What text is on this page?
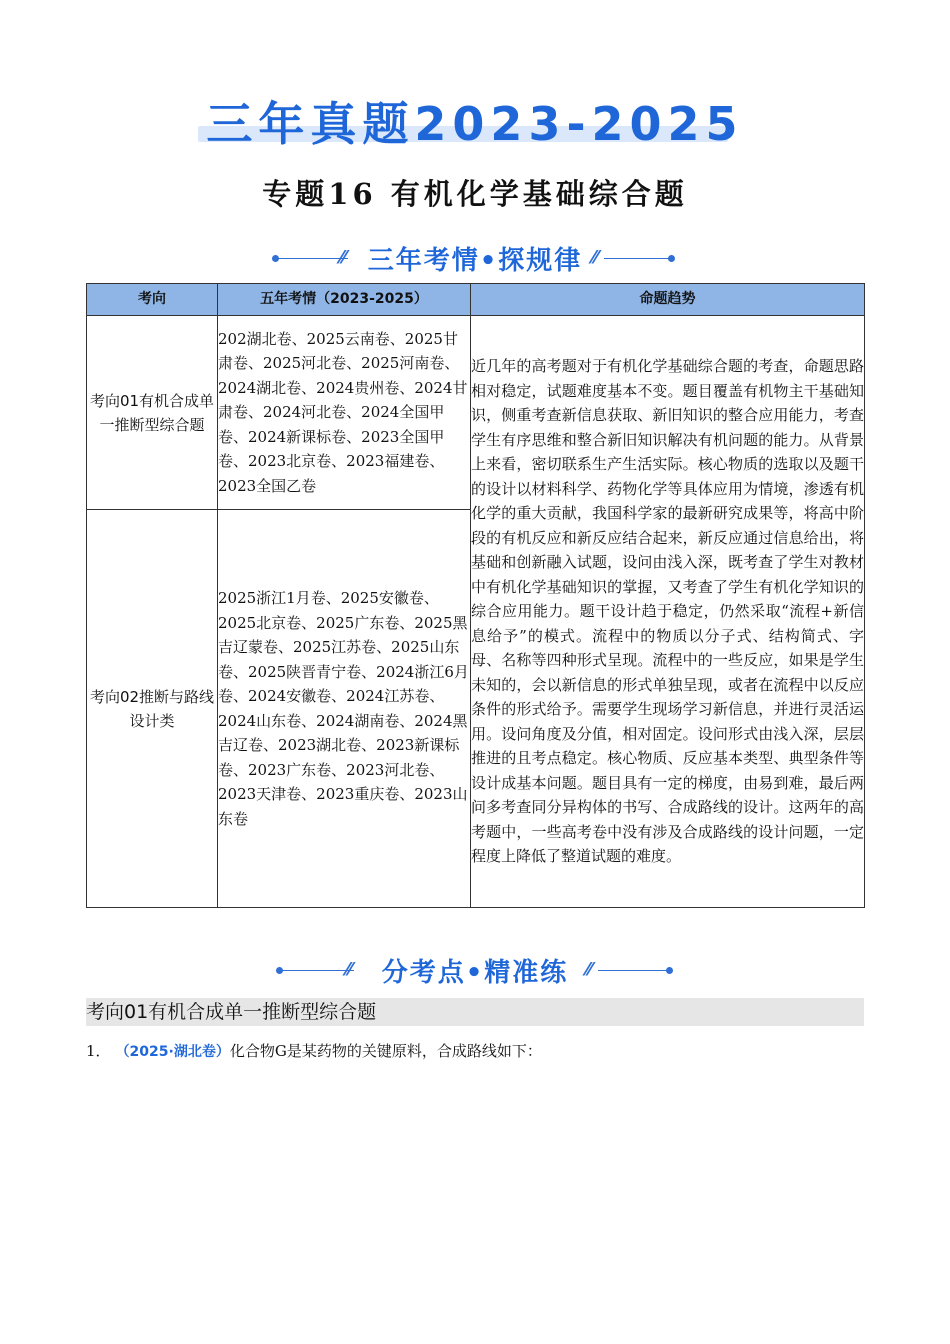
三年真题2023-2025
专题16 有机化学基础综合题
⁄⁄ 三年考情•探规律 ⁄⁄
考向	五年考情（2023-2025）	命题趋势
考向01有机合成单一推断型综合题	202湖北卷、2025云南卷、2025甘肃卷、2025河北卷、2025河南卷、2024湖北卷、2024贵州卷、2024甘肃卷、2024河北卷、2024全国甲卷、2024新课标卷、2023全国甲卷、2023北京卷、2023福建卷、2023全国乙卷	近几年的高考题对于有机化学基础综合题的考查，命题思路相对稳定，试题难度基本不变。题目覆盖有机物主干基础知识，侧重考查新信息获取、新旧知识的整合应用能力，考查学生有序思维和整合新旧知识解决有机问题的能力。从背景上来看，密切联系生产生活实际。核心物质的选取以及题干的设计以材料科学、药物化学等具体应用为情境，渗透有机化学的重大贡献，我国科学家的最新研究成果等，将高中阶段的有机反应和新反应结合起来，新反应通过信息给出，将基础和创新融入试题，设问由浅入深，既考查了学生对教材中有机化学基础知识的掌握，又考查了学生有机化学知识的综合应用能力。题干设计趋于稳定，仍然采取“流程+新信息给予”的模式。流程中的物质以分子式、结构简式、字母、名称等四种形式呈现。流程中的一些反应，如果是学生未知的，会以新信息的形式单独呈现，或者在流程中以反应条件的形式给予。需要学生现场学习新信息，并进行灵活运用。设问角度及分值，相对固定。设问形式由浅入深，层层推进的且考点稳定。核心物质、反应基本类型、典型条件等设计成基本问题。题目具有一定的梯度，由易到难，最后两问多考查同分异构体的书写、合成路线的设计。这两年的高考题中，一些高考卷中没有涉及合成路线的设计问题，一定程度上降低了整道试题的难度。
考向02推断与路线设计类	2025浙江1月卷、2025安徽卷、2025北京卷、2025广东卷、2025黑吉辽蒙卷、2025江苏卷、2025山东卷、2025陕晋青宁卷、2024浙江6月卷、2024安徽卷、2024江苏卷、2024山东卷、2024湖南卷、2024黑吉辽卷、2023湖北卷、2023新课标卷、2023广东卷、2023河北卷、2023天津卷、2023重庆卷、2023山东卷	
⁄⁄	分考点•精准练 ⁄⁄
考向01有机合成单一推断型综合题
1． （2025·湖北卷）化合物G是某药物的关键原料，合成路线如下：
